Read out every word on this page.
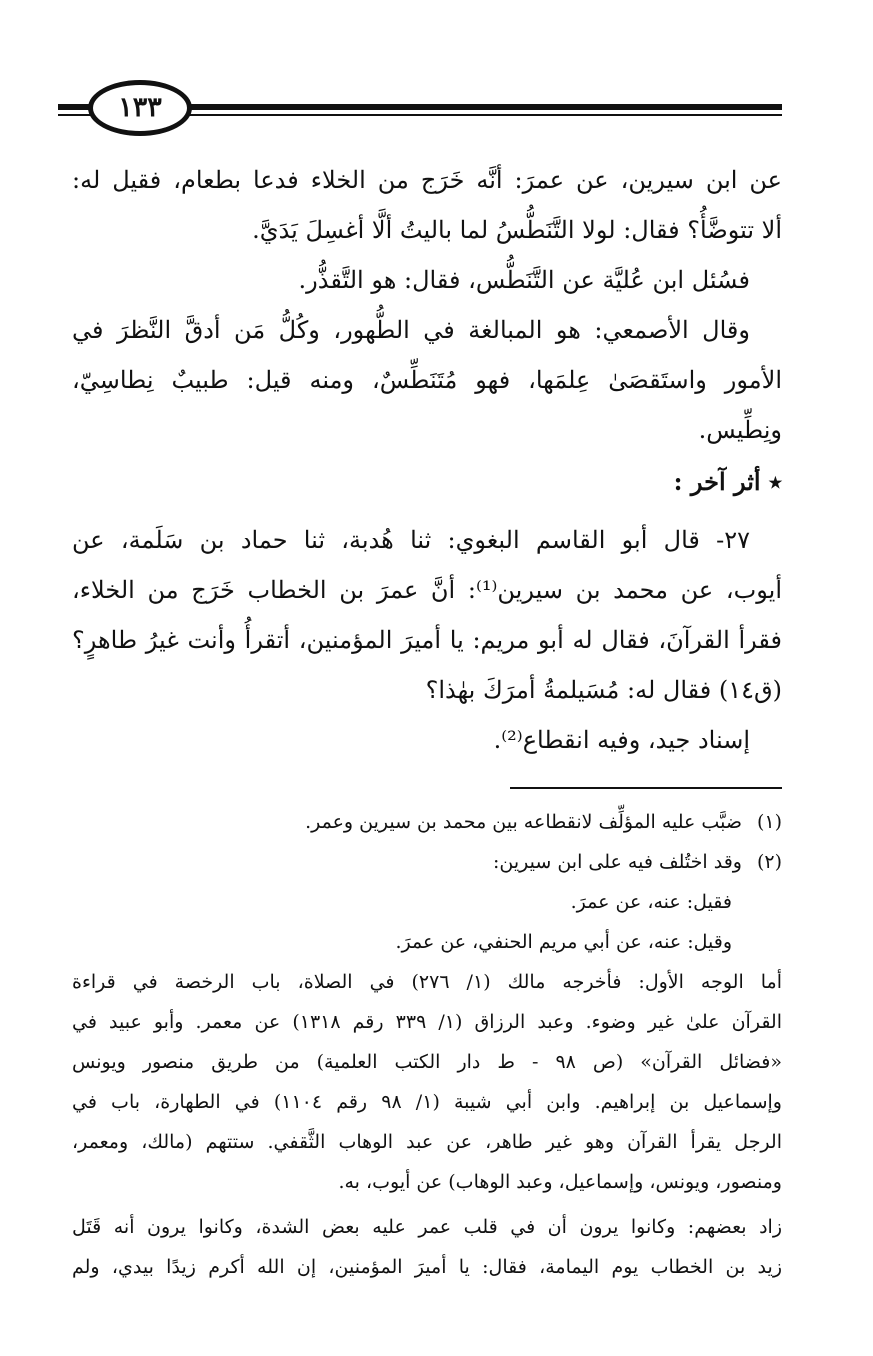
١٣٣
عن ابن سيرين، عن عمرَ: أنَّه خَرَج من الخلاء فدعا بطعام، فقيل له:
ألا تتوضَّأُ؟ فقال: لولا التَّنَطُّسُ لما باليتُ ألَّا أغسِلَ يَدَيَّ.
فسُئل ابن عُليَّة عن التَّنَطُّس، فقال: هو التَّقذُّر.
وقال الأصمعي: هو المبالغة في الطُّهور، وكُلُّ مَن أدقَّ النَّظرَ في
الأمور واستَقصَىٰ عِلمَها، فهو مُتَنَطِّسٌ، ومنه قيل: طبيبٌ نِطاسِيّ،
ونِطِّيس.
٭ أثر آخر :
٢٧- قال أبو القاسم البغوي: ثنا هُدبة، ثنا حماد بن سَلَمة، عن
أيوب، عن محمد بن سيرين⁽¹⁾: أنَّ عمرَ بن الخطاب خَرَج من الخلاء،
فقرأ القرآنَ، فقال له أبو مريم: يا أميرَ المؤمنين، أتقرأُ وأنت غيرُ طاهرٍ؟
(ق١٤) فقال له: مُسَيلمةُ أمرَكَ بهٰذا؟
إسناد جيد، وفيه انقطاع⁽²⁾.
(١) ضبَّب عليه المؤلِّف لانقطاعه بين محمد بن سيرين وعمر.
(٢) وقد اختُلف فيه على ابن سيرين:
فقيل: عنه، عن عمرَ.
وقيل: عنه، عن أبي مريم الحنفي، عن عمرَ.
أما الوجه الأول: فأخرجه مالك (١/ ٢٧٦) في الصلاة، باب الرخصة في قراءة
القرآن علىٰ غير وضوء. وعبد الرزاق (١/ ٣٣٩ رقم ١٣١٨) عن معمر. وأبو عبيد في
«فضائل القرآن» (ص ٩٨ - ط دار الكتب العلمية) من طريق منصور ويونس
وإسماعيل بن إبراهيم. وابن أبي شيبة (١/ ٩٨ رقم ١١٠٤) في الطهارة، باب في
الرجل يقرأ القرآن وهو غير طاهر، عن عبد الوهاب الثَّقفي. ستتهم (مالك، ومعمر،
ومنصور، ويونس، وإسماعيل، وعبد الوهاب) عن أيوب، به.
زاد بعضهم: وكانوا يرون أن في قلب عمر عليه بعض الشدة، وكانوا يرون أنه قَتَل
زيد بن الخطاب يوم اليمامة، فقال: يا أميرَ المؤمنين، إن الله أكرم زيدًا بيدي، ولم
